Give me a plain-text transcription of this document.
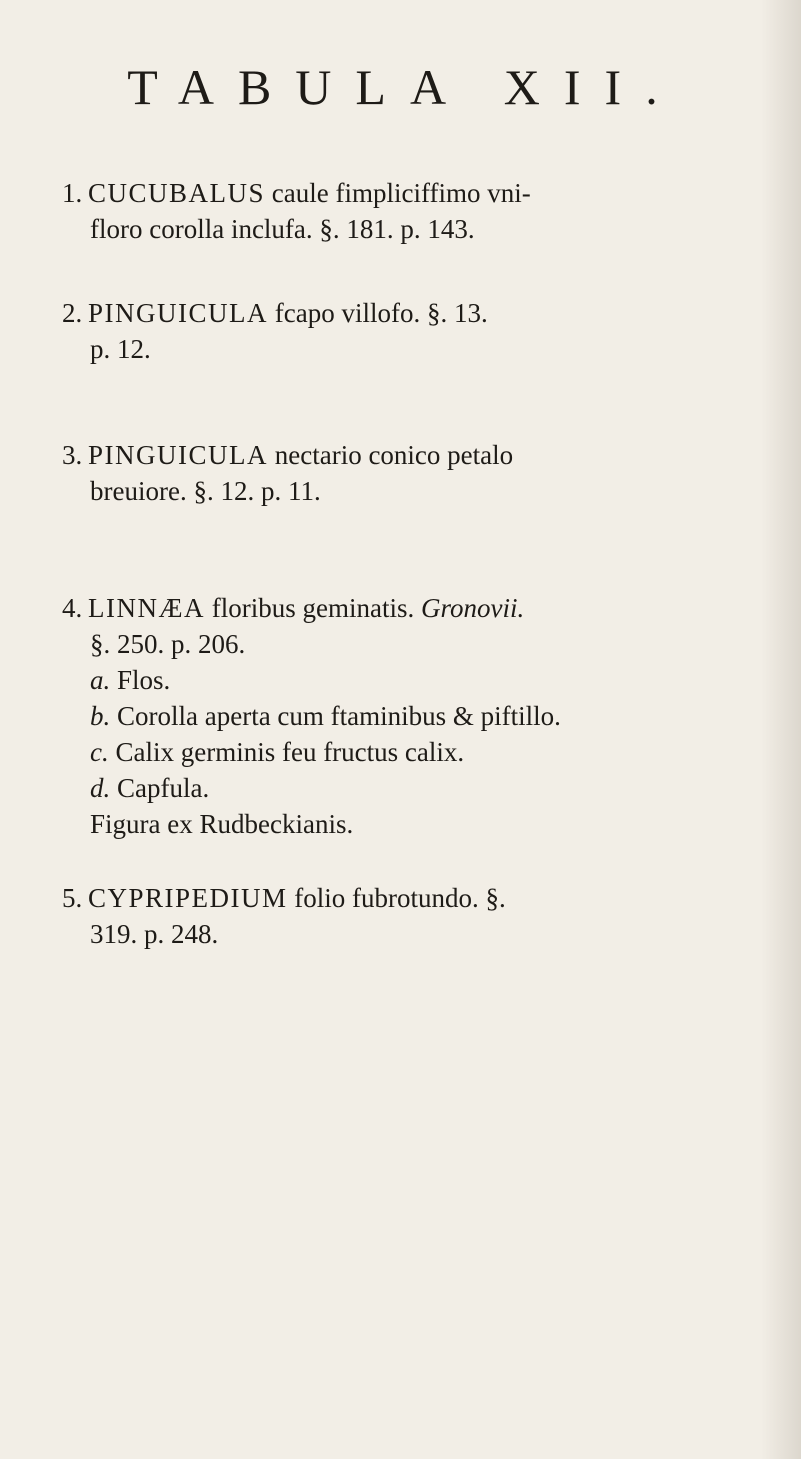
TABULA XII.
1. CUCUBALUS caule fimpliciffimo vni-
floro corolla inclufa. §. 181. p. 143.
2. PINGUICULA fcapo villofo. §. 13.
p. 12.
3. PINGUICULA nectario conico petalo
breuiore. §. 12. p. 11.
4. LINNÆA floribus geminatis. Gronovii.
§. 250. p. 206.
a. Flos.
b. Corolla aperta cum ftaminibus & piftillo.
c. Calix germinis feu fructus calix.
d. Capfula.
Figura ex Rudbeckianis.
5. CYPRIPEDIUM folio fubrotundo. §.
319. p. 248.
